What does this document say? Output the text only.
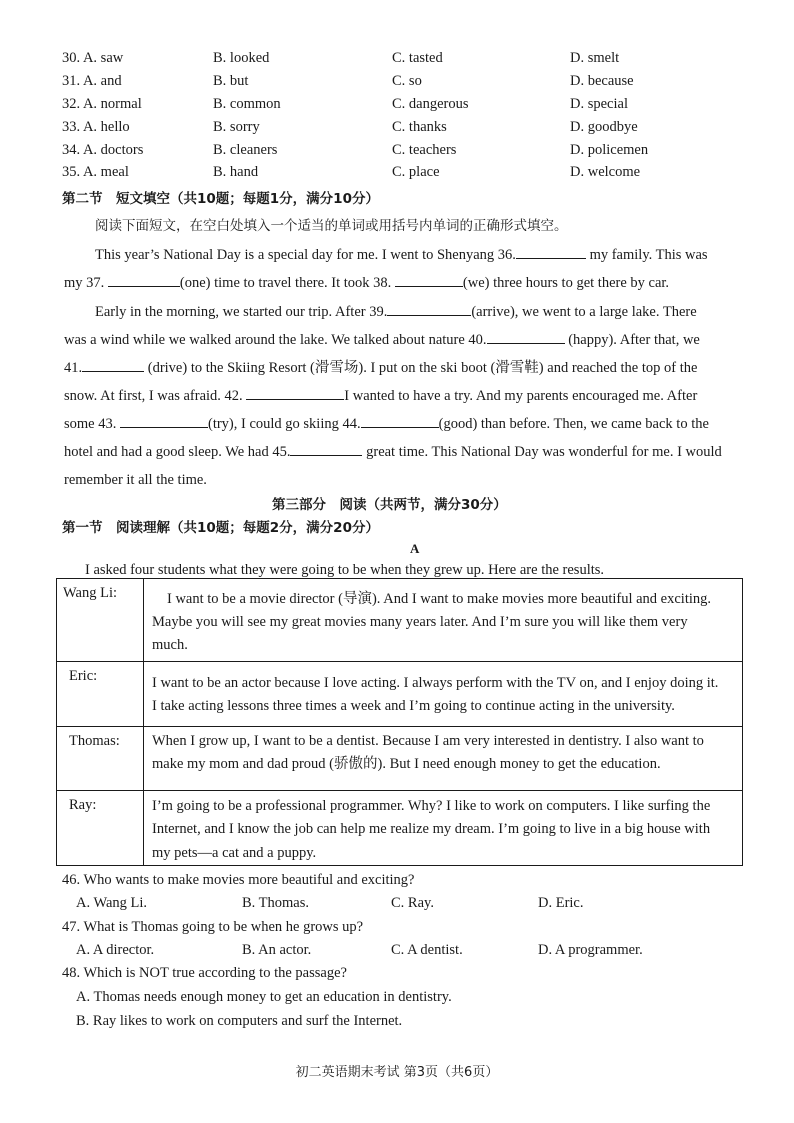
30. A. saw	B. looked	C. tasted	D. smelt
31. A. and	B. but	C. so	D. because
32. A. normal	B. common	C. dangerous	D. special
33. A. hello	B. sorry	C. thanks	D. goodbye
34. A. doctors	B. cleaners	C. teachers	D. policemen
35. A. meal	B. hand	C. place	D. welcome
第二节　短文填空（共10题；每题1分，满分10分）
阅读下面短文，在空白处填入一个适当的单词或用括号内单词的正确形式填空。
This year’s National Day is a special day for me. I went to Shenyang 36.	my family. This was
my 37.	(one) time to travel there. It took 38.	(we) three hours to get there by car.
Early in the morning, we started our trip. After 39.	(arrive), we went to a large lake. There
was a wind while we walked around the lake. We talked about nature 40.	(happy). After that, we
41.	(drive) to the Skiing Resort (滑雪场). I put on the ski boot (滑雪鞋) and reached the top of the
snow. At first, I was afraid. 42.	I wanted to have a try. And my parents encouraged me. After
some 43.	(try), I could go skiing 44.	(good) than before. Then, we came back to the
hotel and had a good sleep. We had 45.	great time. This National Day was wonderful for me. I would
remember it all the time.
第三部分　阅读（共两节，满分30分）
第一节　阅读理解（共10题；每题2分，满分20分）
A
I asked four students what they were going to be when they grew up. Here are the results.
Wang Li:	I want to be a movie director (导演). And I want to make movies more beautiful and exciting.
Maybe you will see my great movies many years later. And I’m sure you will like them very
much.
Eric:	I want to be an actor because I love acting. I always perform with the TV on, and I enjoy doing it.
I take acting lessons three times a week and I’m going to continue acting in the university.
Thomas: When I grow up, I want to be a dentist. Because I am very interested in dentistry. I also want to
make my mom and dad proud (骄傲的). But I need enough money to get the education.
Ray:	I’m going to be a professional programmer. Why? I like to work on computers. I like surfing the
Internet, and I know the job can help me realize my dream. I’m going to live in a big house with
my pets—a cat and a puppy.
46. Who wants to make movies more beautiful and exciting?
A. Wang Li.	B. Thomas.	C. Ray.	D. Eric.
47. What is Thomas going to be when he grows up?
A. A director.	B. An actor.	C. A dentist.	D. A programmer.
48. Which is NOT true according to the passage?
A. Thomas needs enough money to get an education in dentistry.
B. Ray likes to work on computers and surf the Internet.
初二英语期末考试 第3页（共6页）
